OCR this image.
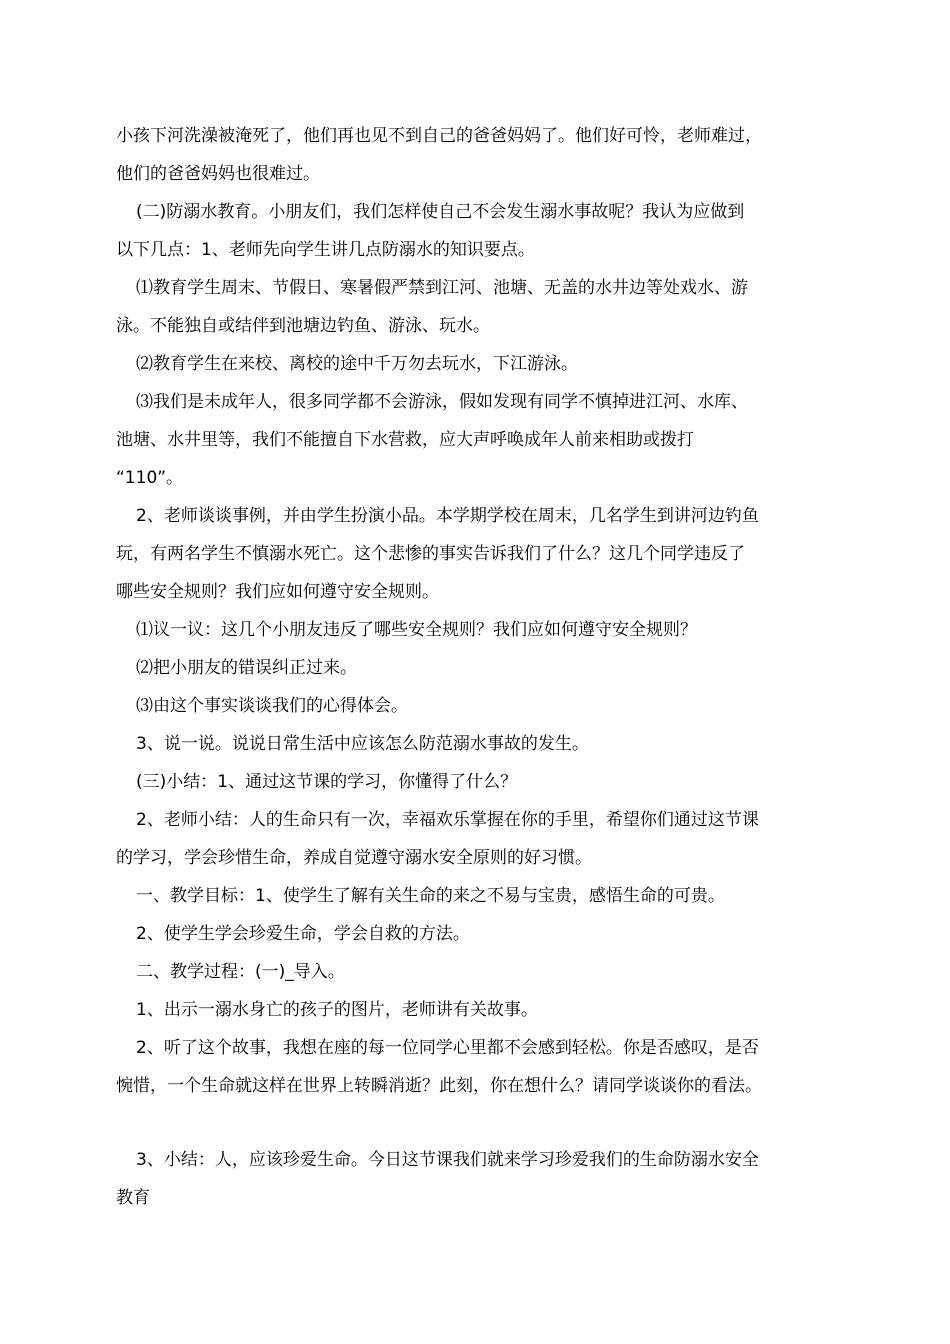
小孩下河洗澡被淹死了，他们再也见不到自己的爸爸妈妈了。他们好可怜，老师难过，
他们的爸爸妈妈也很难过。
(二)防溺水教育。小朋友们，我们怎样使自己不会发生溺水事故呢？我认为应做到
以下几点：1、老师先向学生讲几点防溺水的知识要点。
⑴教育学生周末、节假日、寒暑假严禁到江河、池塘、无盖的水井边等处戏水、游
泳。不能独自或结伴到池塘边钓鱼、游泳、玩水。
⑵教育学生在来校、离校的途中千万勿去玩水，下江游泳。
⑶我们是未成年人，很多同学都不会游泳，假如发现有同学不慎掉进江河、水库、
池塘、水井里等，我们不能擅自下水营救，应大声呼唤成年人前来相助或拨打
“110”。
2、老师谈谈事例，并由学生扮演小品。本学期学校在周末，几名学生到讲河边钓鱼
玩，有两名学生不慎溺水死亡。这个悲惨的事实告诉我们了什么？这几个同学违反了
哪些安全规则？我们应如何遵守安全规则。
⑴议一议：这几个小朋友违反了哪些安全规则？我们应如何遵守安全规则？
⑵把小朋友的错误纠正过来。
⑶由这个事实谈谈我们的心得体会。
3、说一说。说说日常生活中应该怎么防范溺水事故的发生。
(三)小结：1、通过这节课的学习，你懂得了什么？
2、老师小结：人的生命只有一次，幸福欢乐掌握在你的手里，希望你们通过这节课
的学习，学会珍惜生命，养成自觉遵守溺水安全原则的好习惯。
一、教学目标：1、使学生了解有关生命的来之不易与宝贵，感悟生命的可贵。
2、使学生学会珍爱生命，学会自救的方法。
二、教学过程：(一)_导入。
1、出示一溺水身亡的孩子的图片，老师讲有关故事。
2、听了这个故事，我想在座的每一位同学心里都不会感到轻松。你是否感叹，是否
惋惜，一个生命就这样在世界上转瞬消逝？此刻，你在想什么？请同学谈谈你的看法。
3、小结：人，应该珍爱生命。今日这节课我们就来学习珍爱我们的生命防溺水安全
教育
